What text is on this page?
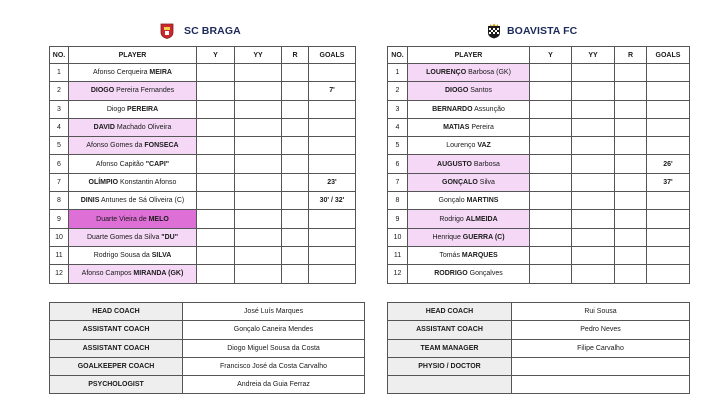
SC BRAGA	BOAVISTA FC
NO.	PLAYER	Y	YY	R	GOALS
1	Afonso Cerqueira MEIRA				
2	DIOGO Pereira Fernandes				7'
3	Diogo PEREIRA				
4	DAVID Machado Oliveira				
5	Afonso Gomes da FONSECA				
6	Afonso Capitão "CAPI"				
7	OLÍMPIO Konstantin Afonso				23'
8	DINIS Antunes de Sá Oliveira (C)				30' / 32'
9	Duarte Vieira de MELO				
10	Duarte Gomes da Silva "DU"				
11	Rodrigo Sousa da SILVA				
12	Afonso Campos MIRANDA (GK)				
NO.	PLAYER	Y	YY	R	GOALS
1	LOURENÇO Barbosa (GK)				
2	DIOGO Santos				
3	BERNARDO Assunção				
4	MATIAS Pereira				
5	Lourenço VAZ				
6	AUGUSTO Barbosa				26'
7	GONÇALO Silva				37'
8	Gonçalo MARTINS				
9	Rodrigo ALMEIDA				
10	Henrique GUERRA (C)				
11	Tomás MARQUES				
12	RODRIGO Gonçalves				
HEAD COACH	José Luís Marques
ASSISTANT COACH	Gonçalo Caneira Mendes
ASSISTANT COACH	Diogo Miguel Sousa da Costa
GOALKEEPER COACH	Francisco José da Costa Carvalho
PSYCHOLOGIST	Andreia da Guia Ferraz
HEAD COACH	Rui Sousa
ASSISTANT COACH	Pedro Neves
TEAM MANAGER	Filipe Carvalho
PHYSIO / DOCTOR	
